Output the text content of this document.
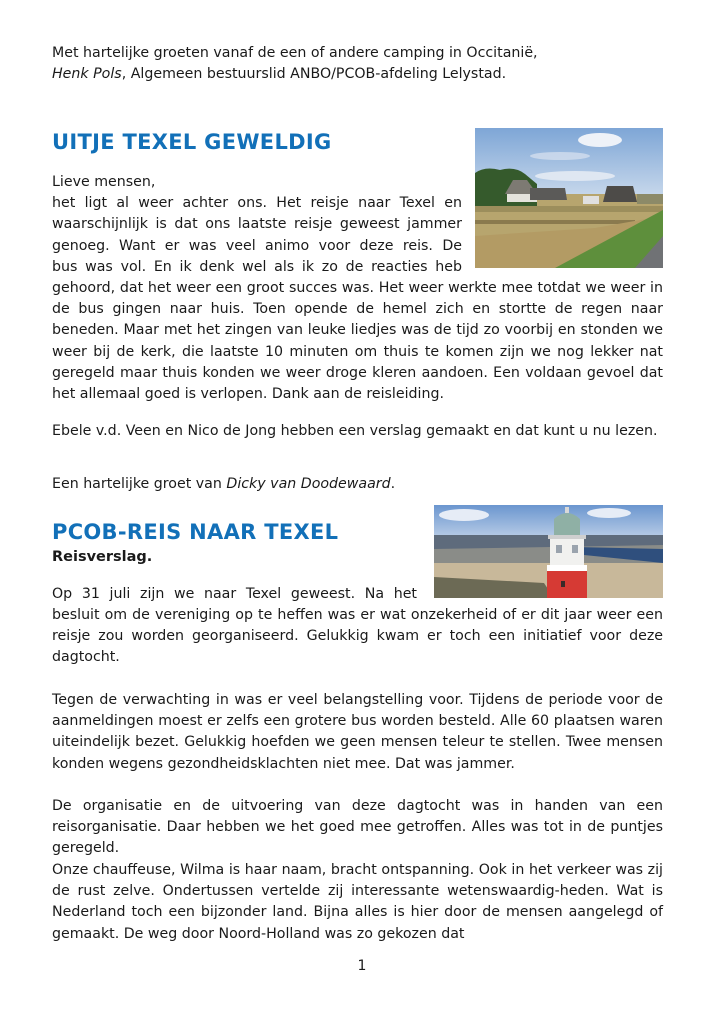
Met hartelijke groeten vanaf de een of andere camping in Occitanië,

Henk Pols, Algemeen bestuurslid ANBO/PCOB-afdeling Lelystad.

UITJE TEXEL GEWELDIG

Lieve mensen,

het ligt al weer achter ons. Het reisje naar Texel en

waarschijnlijk is dat ons laatste reisje geweest jammer

genoeg. Want er was veel animo voor deze reis. De

bus was vol. En ik denk wel als ik zo de reacties heb

gehoord, dat het weer een groot succes was. Het weer werkte mee totdat we weer in de bus gingen naar huis. Toen opende de hemel zich en stortte de regen naar beneden. Maar met het zingen van leuke liedjes was de tijd zo voorbij en stonden we weer bij de kerk, die laatste 10 minuten om thuis te komen zijn we nog lekker nat geregeld maar thuis konden we weer droge kleren aandoen. Een voldaan gevoel dat het allemaal goed is verlopen. Dank aan de reisleiding.

Ebele v.d. Veen en Nico de Jong hebben een verslag gemaakt en dat kunt u nu lezen.

Een hartelijke groet van Dicky van Doodewaard.

PCOB-REIS NAAR TEXEL

Reisverslag.

Op 31 juli zijn we naar Texel geweest. Na het

besluit om de vereniging op te heffen was er wat onzekerheid of er dit jaar weer een reisje zou worden georganiseerd. Gelukkig kwam er toch een initiatief voor deze dagtocht.

Tegen de verwachting in was er veel belangstelling voor. Tijdens de periode voor de aanmeldingen moest er zelfs een grotere bus worden besteld. Alle 60 plaatsen waren uiteindelijk bezet. Gelukkig hoefden we geen mensen teleur te stellen. Twee mensen konden wegens gezondheidsklachten niet mee. Dat was jammer.

De organisatie en de uitvoering van deze dagtocht was in handen van een reisorganisatie. Daar hebben we het goed mee getroffen. Alles was tot in de puntjes geregeld.

Onze chauffeuse, Wilma is haar naam, bracht ontspanning. Ook in het verkeer was zij de rust zelve. Ondertussen vertelde zij interessante wetenswaardig-heden. Wat is Nederland toch een bijzonder land. Bijna alles is hier door de mensen aangelegd of gemaakt. De weg door Noord-Holland was zo gekozen dat

1
